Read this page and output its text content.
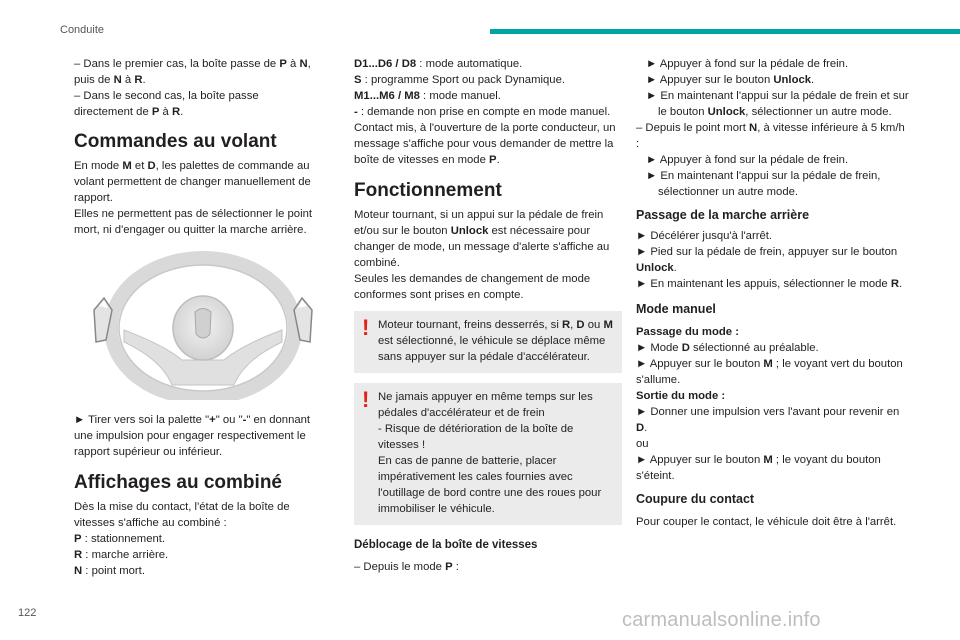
Conduite

– Dans le premier cas, la boîte passe de P à N,
puis de N à R.
– Dans le second cas, la boîte passe
directement de P à R.

Commandes au volant

En mode M et D, les palettes de commande au volant permettent de changer manuellement de rapport.

Elles ne permettent pas de sélectionner le point mort, ni d'engager ou quitter la marche arrière.

► Tirer vers soi la palette "+" ou "-" en donnant une impulsion pour engager respectivement le rapport supérieur ou inférieur.

Affichages au combiné

Dès la mise du contact, l'état de la boîte de vitesses s'affiche au combiné :

P : stationnement.

R : marche arrière.

N : point mort.

D1...D6 / D8 : mode automatique.

S : programme Sport ou pack Dynamique.

M1...M6 / M8 : mode manuel.

- : demande non prise en compte en mode manuel.

Contact mis, à l'ouverture de la porte conducteur, un message s'affiche pour vous demander de mettre la boîte de vitesses en mode P.

Fonctionnement

Moteur tournant, si un appui sur la pédale de frein et/ou sur le bouton Unlock est nécessaire pour changer de mode, un message d'alerte s'affiche au combiné.

Seules les demandes de changement de mode conformes sont prises en compte.

! Moteur tournant, freins desserrés, si R, D ou M est sélectionné, le véhicule se déplace même sans appuyer sur la pédale d'accélérateur.

! Ne jamais appuyer en même temps sur les pédales d'accélérateur et de frein

- Risque de détérioration de la boîte de vitesses !

En cas de panne de batterie, placer impérativement les cales fournies avec l'outillage de bord contre une des roues pour immobiliser le véhicule.

Déblocage de la boîte de vitesses

– Depuis le mode P :

► Appuyer à fond sur la pédale de frein.

► Appuyer sur le bouton Unlock.

► En maintenant l'appui sur la pédale de frein et sur le bouton Unlock, sélectionner un autre mode.

– Depuis le point mort N, à vitesse inférieure à 5 km/h :

► Appuyer à fond sur la pédale de frein.

► En maintenant l'appui sur la pédale de frein, sélectionner un autre mode.

Passage de la marche arrière

► Décélérer jusqu'à l'arrêt.

► Pied sur la pédale de frein, appuyer sur le bouton Unlock.

► En maintenant les appuis, sélectionner le mode R.

Mode manuel

Passage du mode :

► Mode D sélectionné au préalable.

► Appuyer sur le bouton M ; le voyant vert du bouton s'allume.

Sortie du mode :

► Donner une impulsion vers l'avant pour revenir en D.

ou

► Appuyer sur le bouton M ; le voyant du bouton s'éteint.

Coupure du contact

Pour couper le contact, le véhicule doit être à l'arrêt.

122	carmanualsonline.info
